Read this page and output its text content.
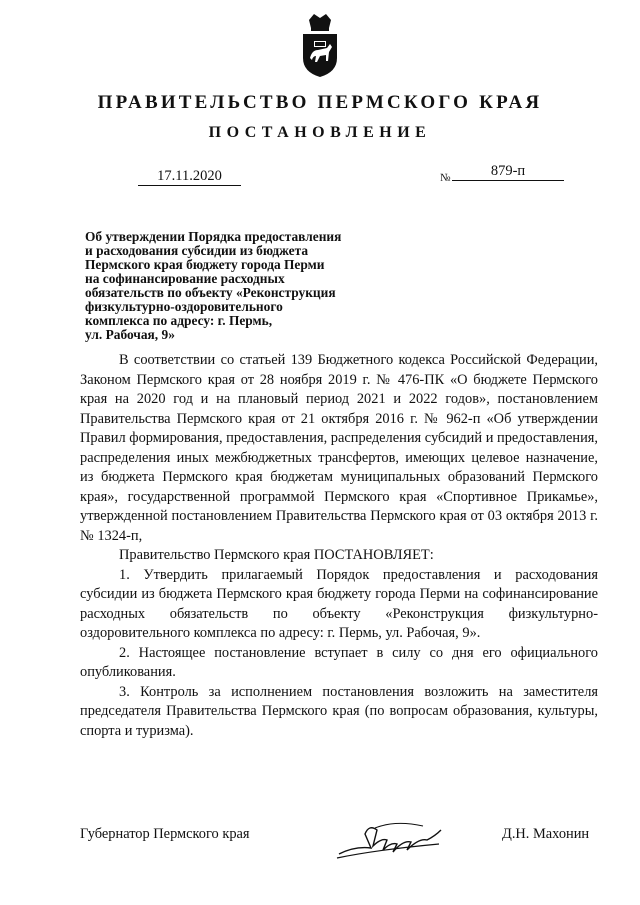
ПРАВИТЕЛЬСТВО ПЕРМСКОГО КРАЯ
ПОСТАНОВЛЕНИЕ
17.11.2020	№	879-п
Об утверждении Порядка предоставления
и расходования субсидии из бюджета
Пермского края бюджету города Перми
на софинансирование расходных
обязательств по объекту «Реконструкция
физкультурно-оздоровительного
комплекса по адресу: г. Пермь,
ул. Рабочая, 9»

В соответствии со статьей 139 Бюджетного кодекса Российской Федерации, Законом Пермского края от 28 ноября 2019 г. № 476-ПК «О бюджете Пермского края на 2020 год и на плановый период 2021 и 2022 годов», постановлением Правительства Пермского края от 21 октября 2016 г. № 962-п «Об утверждении Правил формирования, предоставления, распределения субсидий и предоставления, распределения иных межбюджетных трансфертов, имеющих целевое назначение, из бюджета Пермского края бюджетам муниципальных образований Пермского края», государственной программой Пермского края «Спортивное Прикамье», утвержденной постановлением Правительства Пермского края от 03 октября 2013 г. № 1324-п,

Правительство Пермского края ПОСТАНОВЛЯЕТ:

1. Утвердить прилагаемый Порядок предоставления и расходования субсидии из бюджета Пермского края бюджету города Перми на софинансирование расходных обязательств по объекту «Реконструкция физкультурно-оздоровительного комплекса по адресу: г. Пермь, ул. Рабочая, 9».

2. Настоящее постановление вступает в силу со дня его официального опубликования.

3. Контроль за исполнением постановления возложить на заместителя председателя Правительства Пермского края (по вопросам образования, культуры, спорта и туризма).

Губернатор Пермского края	Д.Н. Махонин
